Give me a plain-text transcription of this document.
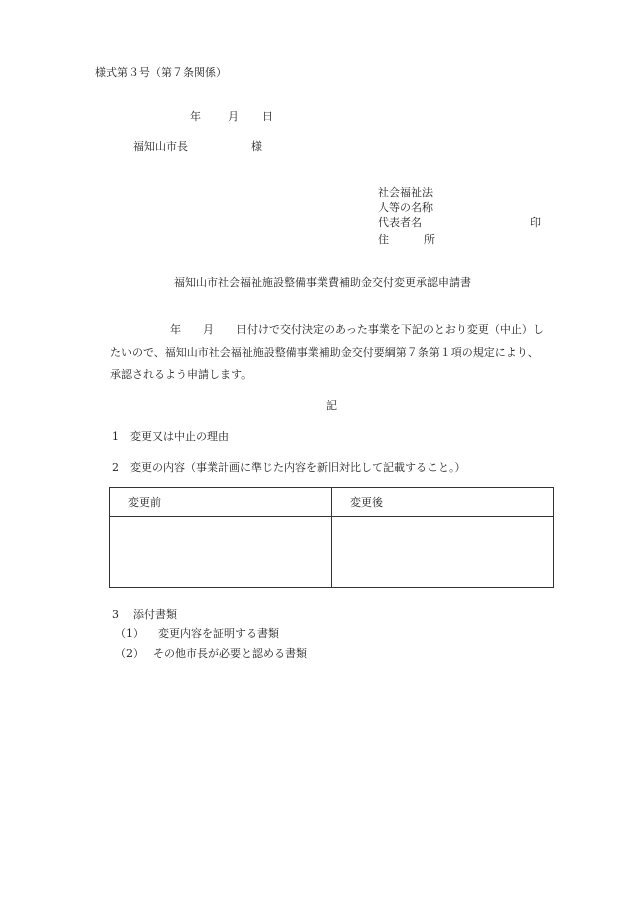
様式第３号（第７条関係）
年 月 日
福知山市長	様
社会福祉法
人等の名称
代表者名	印
住	所
福知山市社会福祉施設整備事業費補助金交付変更承認申請書
年 月 日付けで交付決定のあった事業を下記のとおり変更（中止）し
たいので、福知山市社会福祉施設整備事業補助金交付要綱第７条第１項の規定により、
承認されるよう申請します。
記
1 変更又は中止の理由
2 変更の内容（事業計画に準じた内容を新旧対比して記載すること。）
変更前	変更後

3 添付書類
（1） 変更内容を証明する書類
（2） その他市長が必要と認める書類
